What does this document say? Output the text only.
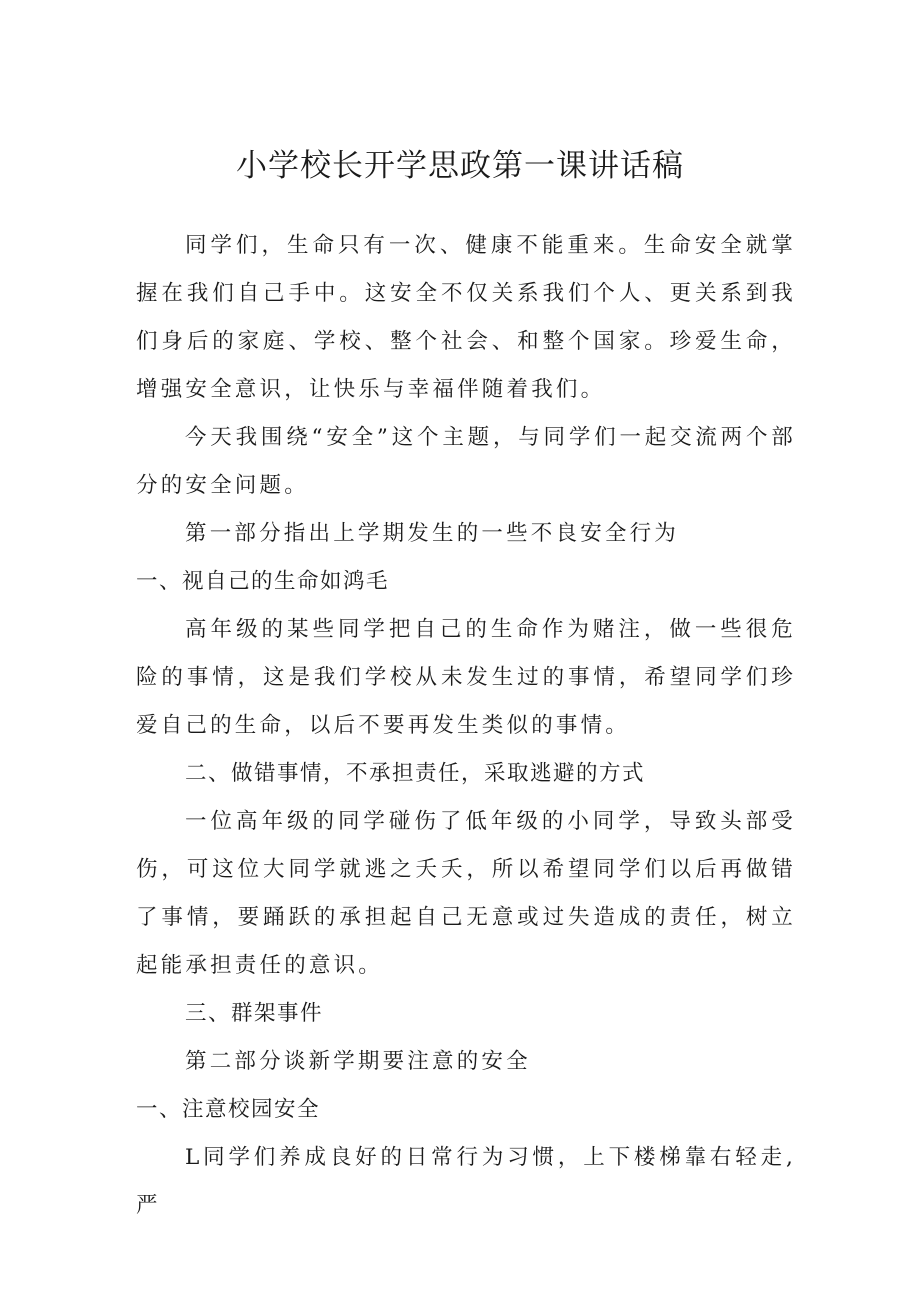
小学校长开学思政第一课讲话稿

同学们，生命只有一次、健康不能重来。生命安全就掌握在我们自己手中。这安全不仅关系我们个人、更关系到我们身后的家庭、学校、整个社会、和整个国家。珍爱生命，增强安全意识，让快乐与幸福伴随着我们。

今天我围绕“安全”这个主题，与同学们一起交流两个部分的安全问题。

第一部分指出上学期发生的一些不良安全行为

一、视自己的生命如鸿毛

高年级的某些同学把自己的生命作为赌注，做一些很危险的事情，这是我们学校从未发生过的事情，希望同学们珍爱自己的生命，以后不要再发生类似的事情。

二、做错事情，不承担责任，采取逃避的方式

一位高年级的同学碰伤了低年级的小同学，导致头部受伤，可这位大同学就逃之夭夭，所以希望同学们以后再做错了事情，要踊跃的承担起自己无意或过失造成的责任，树立起能承担责任的意识。

三、群架事件

第二部分谈新学期要注意的安全

一、注意校园安全

L同学们养成良好的日常行为习惯，上下楼梯靠右轻走,严
